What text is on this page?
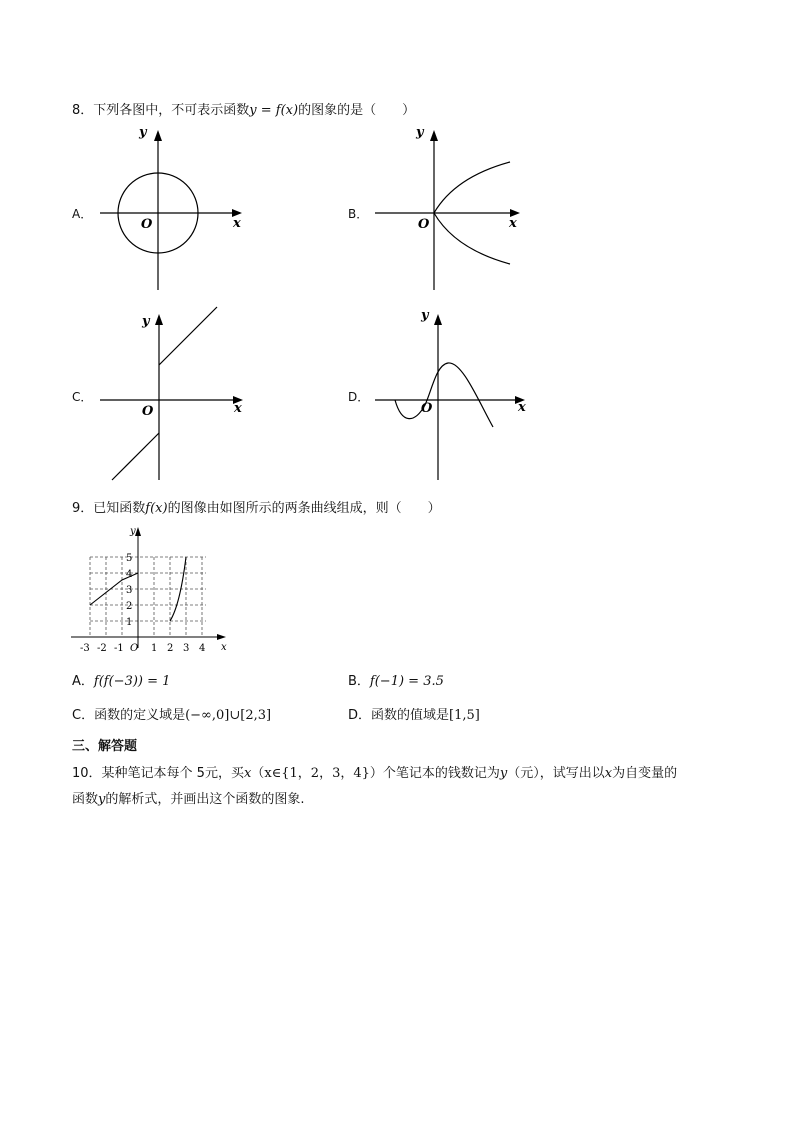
8．下列各图中，不可表示函数y = f(x)的图象的是（　　）
A．
y
x
O
B．
y
x
O
C．
y
x
O
D．
y
x
O
9．已知函数f(x)的图像由如图所示的两条曲线组成，则（　　）
-3 -2 -1	1 2 3 4
1
2
3
4
5
O	x
y
A．f(f(−3)) = 1	B．f(−1) = 3.5
C．函数的定义域是(−∞,0]∪[2,3]	D．函数的值域是[1,5]
三、解答题
10．某种笔记本每个 5元，买x（x∈{1，2，3，4}）个笔记本的钱数记为y（元），试写出以x为自变量的
函数y的解析式，并画出这个函数的图象.
